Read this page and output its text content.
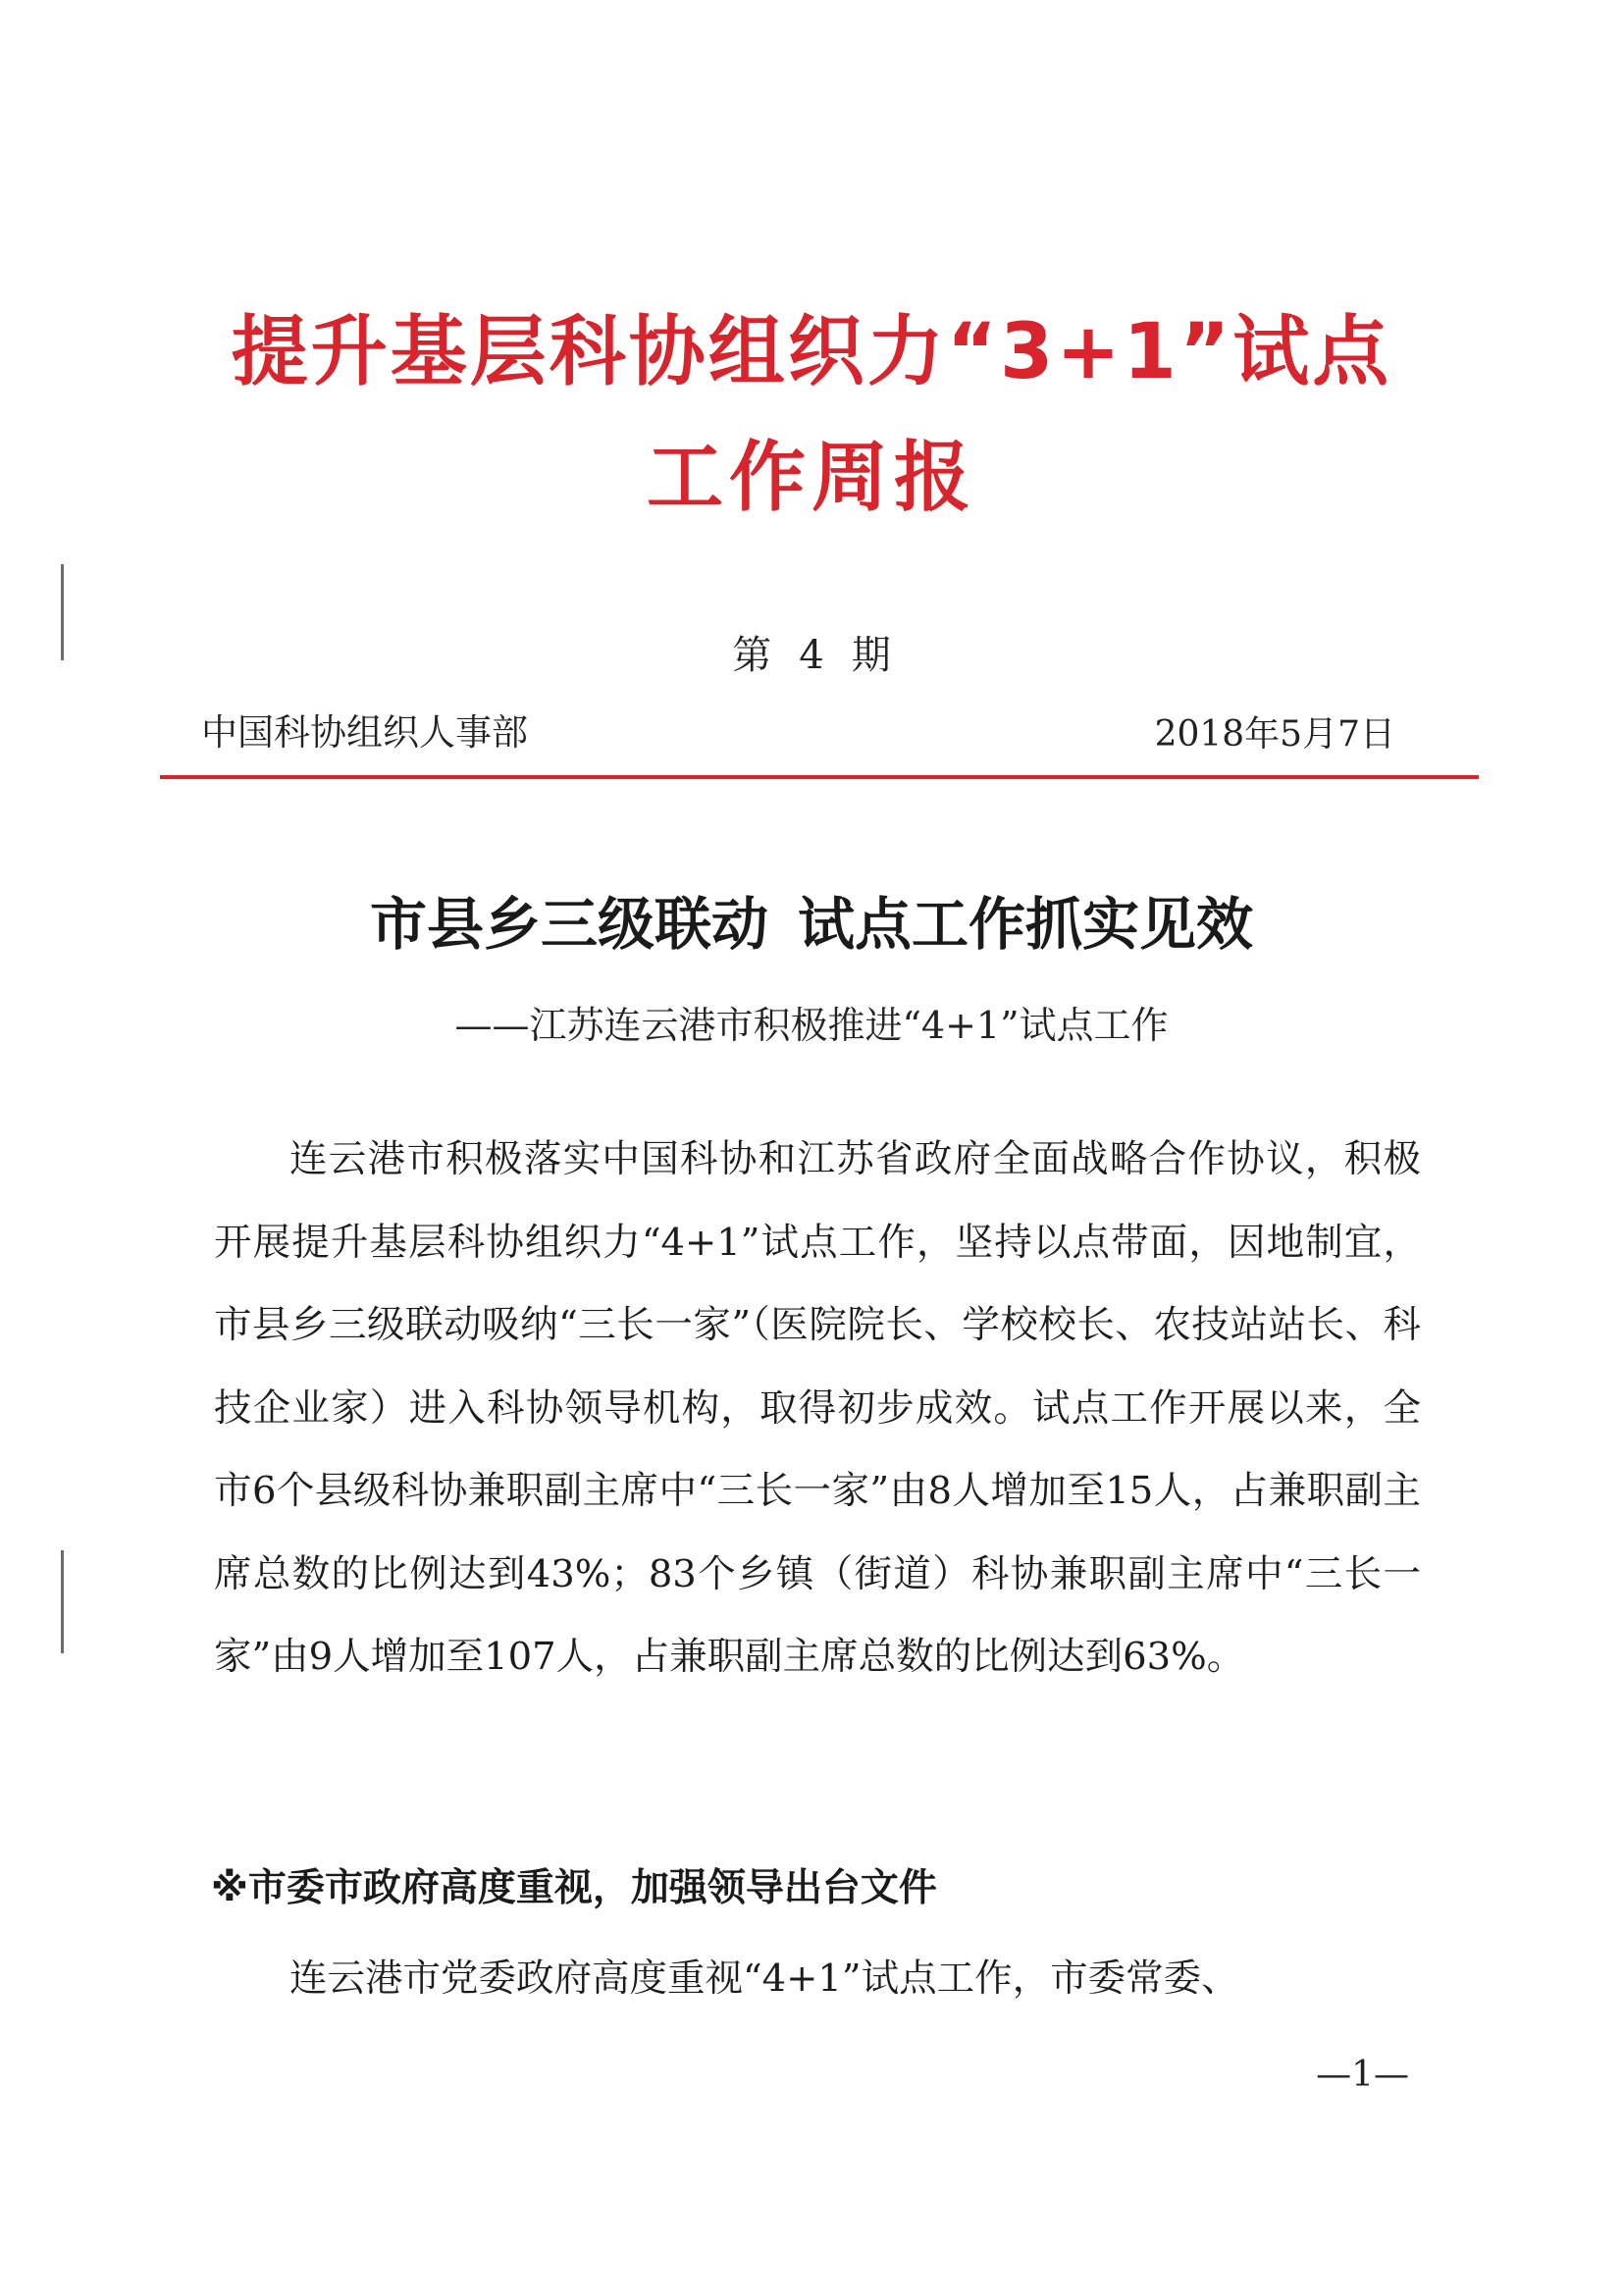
提升基层科协组织力“3+1”试点
工作周报
第 4 期
中国科协组织人事部	2018年5月7日
市县乡三级联动 试点工作抓实见效
——江苏连云港市积极推进“4+1”试点工作

连云港市积极落实中国科协和江苏省政府全面战略合作协议，积极开展提升基层科协组织力“4+1”试点工作，坚持以点带面，因地制宜，市县乡三级联动吸纳“三长一家”（医院院长、学校校长、农技站站长、科技企业家）进入科协领导机构，取得初步成效。试点工作开展以来，全市6个县级科协兼职副主席中“三长一家”由8人增加至15人，占兼职副主席总数的比例达到43%；83个乡镇（街道）科协兼职副主席中“三长一家”由9人增加至107人，占兼职副主席总数的比例达到63%。

※市委市政府高度重视，加强领导出台文件

连云港市党委政府高度重视“4+1”试点工作，市委常委、

—1—
